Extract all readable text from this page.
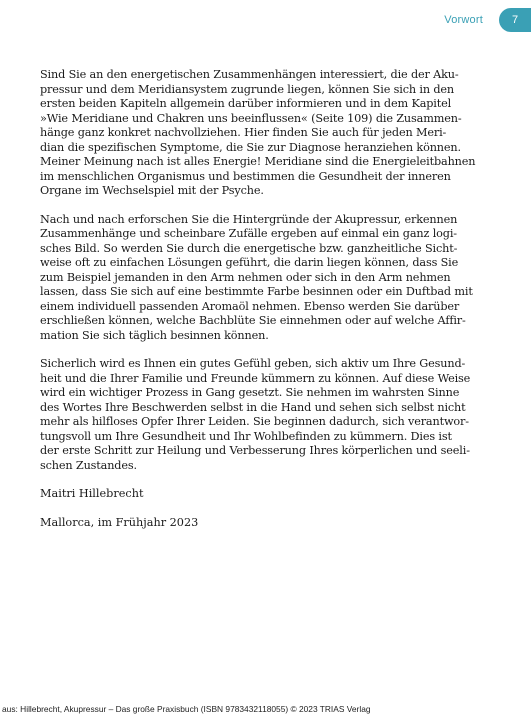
Vorwort	7

Sind Sie an den energetischen Zusammenhängen interessiert, die der Aku-
pressur und dem Meridiansystem zugrunde liegen, können Sie sich in den
ersten beiden Kapiteln allgemein darüber informieren und in dem Kapitel
»Wie Meridiane und Chakren uns beeinflussen« (Seite 109) die Zusammen-
hänge ganz konkret nachvollziehen. Hier finden Sie auch für jeden Meri-
dian die spezifischen Symptome, die Sie zur Diagnose heranziehen können.
Meiner Meinung nach ist alles Energie! Meridiane sind die Energieleitbahnen
im menschlichen Organismus und bestimmen die Gesundheit der inneren
Organe im Wechselspiel mit der Psyche.

Nach und nach erforschen Sie die Hintergründe der Akupressur, erkennen
Zusammenhänge und scheinbare Zufälle ergeben auf einmal ein ganz logi-
sches Bild. So werden Sie durch die energetische bzw. ganzheitliche Sicht-
weise oft zu einfachen Lösungen geführt, die darin liegen können, dass Sie
zum Beispiel jemanden in den Arm nehmen oder sich in den Arm nehmen
lassen, dass Sie sich auf eine bestimmte Farbe besinnen oder ein Duftbad mit
einem individuell passenden Aromaöl nehmen. Ebenso werden Sie darüber
erschließen können, welche Bachblüte Sie einnehmen oder auf welche Affir-
mation Sie sich täglich besinnen können.

Sicherlich wird es Ihnen ein gutes Gefühl geben, sich aktiv um Ihre Gesund-
heit und die Ihrer Familie und Freunde kümmern zu können. Auf diese Weise
wird ein wichtiger Prozess in Gang gesetzt. Sie nehmen im wahrsten Sinne
des Wortes Ihre Beschwerden selbst in die Hand und sehen sich selbst nicht
mehr als hilfloses Opfer Ihrer Leiden. Sie beginnen dadurch, sich verantwor-
tungsvoll um Ihre Gesundheit und Ihr Wohlbefinden zu kümmern. Dies ist
der erste Schritt zur Heilung und Verbesserung Ihres körperlichen und seeli-
schen Zustandes.

Maitri Hillebrecht

Mallorca, im Frühjahr 2023

aus: Hillebrecht, Akupressur – Das große Praxisbuch (ISBN 9783432118055) © 2023 TRIAS Verlag
